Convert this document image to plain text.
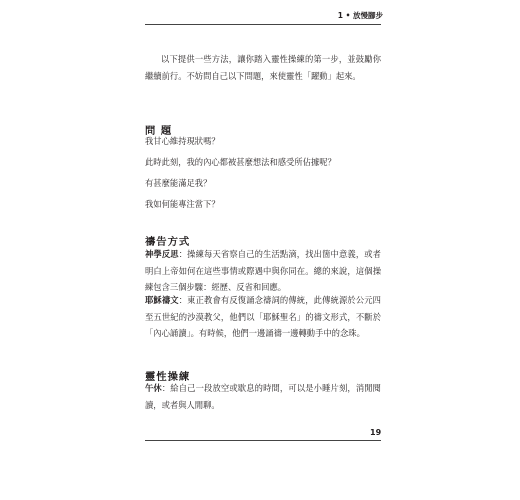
1 • 放慢腳步

以下提供一些方法，讓你踏入靈性操練的第一步，並鼓勵你繼續前行。不妨問自己以下問題，來使靈性「躍動」起來。

問 題
我甘心維持現狀嗎？
此時此刻，我的內心都被甚麼想法和感受所佔據呢？
有甚麼能滿足我？
我如何能專注當下？
禱告方式

神學反思：操練每天省察自己的生活點滴，找出箇中意義，或者明白上帝如何在這些事情或際遇中與你同在。總的來說，這個操練包含三個步驟：經歷、反省和回應。

耶穌禱文：東正教會有反復誦念禱詞的傳統，此傳統源於公元四至五世紀的沙漠教父，他們以「耶穌聖名」的禱文形式，不斷於「內心誦讀」。有時候，他們一邊誦禱一邊轉動手中的念珠。

靈性操練

午休：給自己一段放空或歇息的時間，可以是小睡片刻，消閒閱讀，或者與人閒聊。

19
